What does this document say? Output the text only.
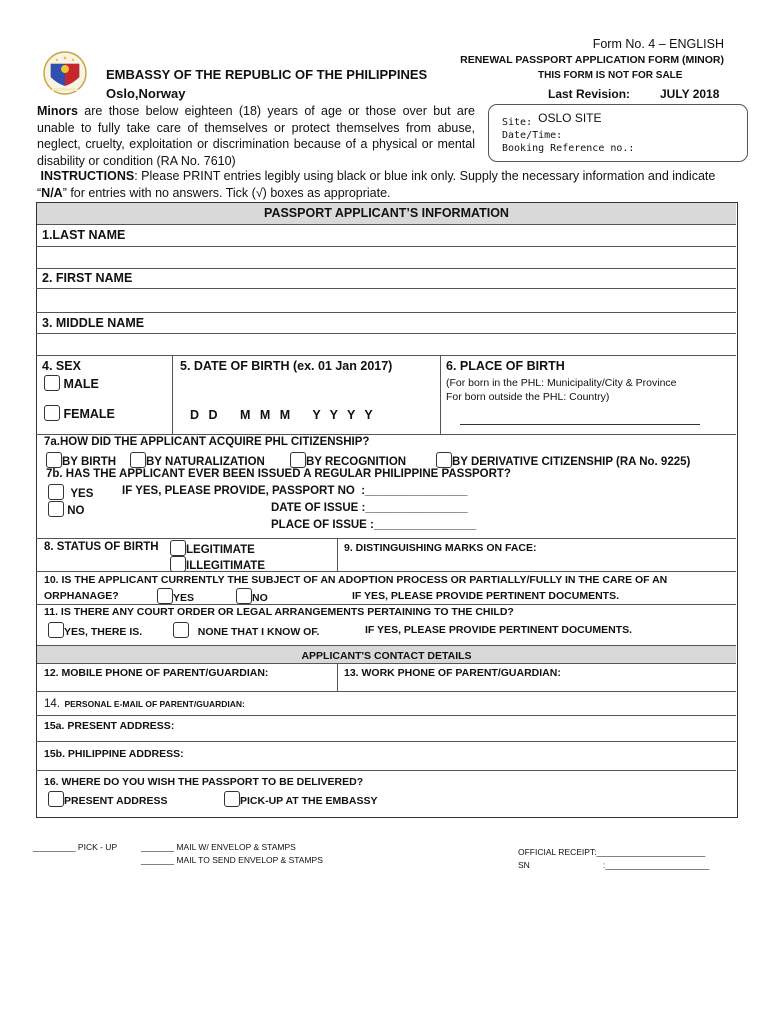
EMBASSY OF THE REPUBLIC OF THE PHILIPPINES
Oslo,Norway
Form No. 4 – ENGLISH
RENEWAL PASSPORT APPLICATION FORM (MINOR)
THIS FORM IS NOT FOR SALE
Last Revision: JULY 2018
Site: OSLO SITE
Date/Time:
Booking Reference no.:
Minors are those below eighteen (18) years of age or those over but are unable to fully take care of themselves or protect themselves from abuse, neglect, cruelty, exploitation or discrimination because of a physical or mental disability or condition (RA No. 7610)
INSTRUCTIONS: Please PRINT entries legibly using black or blue ink only. Supply the necessary information and indicate “N/A” for entries with no answers. Tick (√) boxes as appropriate.
PASSPORT APPLICANT’S INFORMATION
1.LAST NAME
2. FIRST NAME
3. MIDDLE NAME
4. SEX
MALE
FEMALE
5. DATE OF BIRTH (ex. 01 Jan 2017)
D D   M M M   Y Y Y Y
6. PLACE OF BIRTH
(For born in the PHL: Municipality/City & Province
For born outside the PHL: Country)
7a.HOW DID THE APPLICANT ACQUIRE PHL CITIZENSHIP?
BY BIRTH	BY NATURALIZATION	BY RECOGNITION	BY DERIVATIVE CITIZENSHIP (RA No. 9225)
7b. HAS THE APPLICANT EVER BEEN ISSUED A REGULAR PHILIPPINE PASSPORT?
YES
NO
IF YES, PLEASE PROVIDE, PASSPORT NO  :________________
DATE OF ISSUE :________________
PLACE OF ISSUE :________________
8. STATUS OF BIRTH	LEGITIMATE
ILLEGITIMATE
9. DISTINGUISHING MARKS ON FACE:
10. IS THE APPLICANT CURRENTLY THE SUBJECT OF AN ADOPTION PROCESS OR PARTIALLY/FULLY IN THE CARE OF AN
ORPHANAGE?	YES	NO	IF YES, PLEASE PROVIDE PERTINENT DOCUMENTS.
11. IS THERE ANY COURT ORDER OR LEGAL ARRANGEMENTS PERTAINING TO THE CHILD?
YES, THERE IS.	NONE THAT I KNOW OF.	IF YES, PLEASE PROVIDE PERTINENT DOCUMENTS.
APPLICANT'S CONTACT DETAILS
12. MOBILE PHONE OF PARENT/GUARDIAN:	13. WORK PHONE OF PARENT/GUARDIAN:
14. PERSONAL E-MAIL OF PARENT/GUARDIAN:
15a. PRESENT ADDRESS:
15b. PHILIPPINE ADDRESS:
16. WHERE DO YOU WISH THE PASSPORT TO BE DELIVERED?
PRESENT ADDRESS	PICK-UP AT THE EMBASSY
_________ PICK - UP	_______ MAIL W/ ENVELOP & STAMPS
_______ MAIL TO SEND ENVELOP & STAMPS
OFFICIAL RECEIPT:_______________________
SN	:______________________
